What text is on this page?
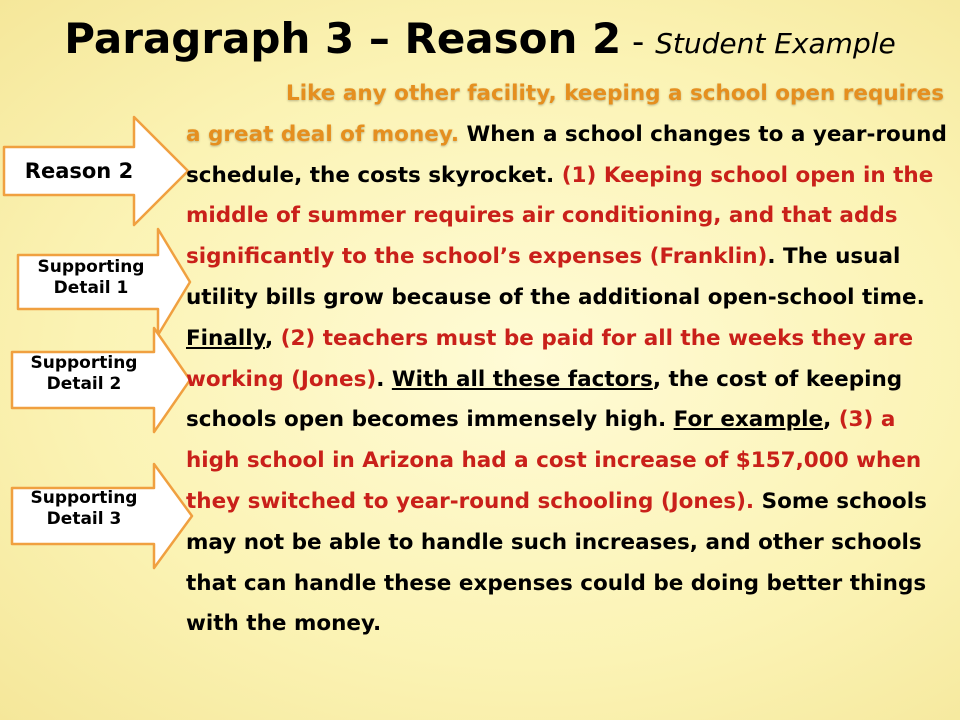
Paragraph 3 – Reason 2 - Student Example
Reason 2
Supporting
Detail 1
Supporting
Detail 2
Supporting
Detail 3
Like any other facility, keeping a school open requires a great deal of money. When a school changes to a year-round schedule, the costs skyrocket. (1) Keeping school open in the middle of summer requires air conditioning, and that adds significantly to the school’s expenses (Franklin). The usual utility bills grow because of the additional open-school time. Finally, (2) teachers must be paid for all the weeks they are working (Jones). With all these factors, the cost of keeping schools open becomes immensely high. For example, (3) a high school in Arizona had a cost increase of $157,000 when they switched to year-round schooling (Jones). Some schools may not be able to handle such increases, and other schools that can handle these expenses could be doing better things with the money.
